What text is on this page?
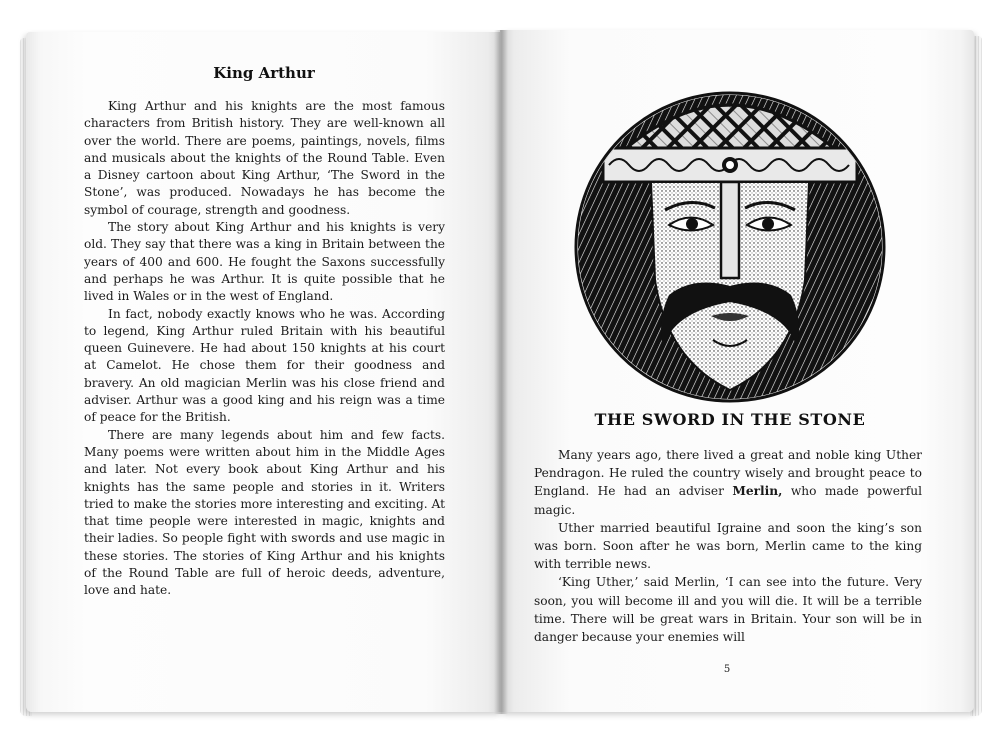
King Arthur

King Arthur and his knights are the most famous characters from British history. They are well-known all over the world. There are poems, paintings, novels, films and musicals about the knights of the Round Table. Even a Disney cartoon about King Arthur, ‘The Sword in the Stone’, was produced. Nowadays he has become the symbol of courage, strength and goodness.

The story about King Arthur and his knights is very old. They say that there was a king in Britain between the years of 400 and 600. He fought the Saxons successfully and perhaps he was Arthur. It is quite possible that he lived in Wales or in the west of England.

In fact, nobody exactly knows who he was. According to legend, King Arthur ruled Britain with his beautiful queen Guinevere. He had about 150 knights at his court at Camelot. He chose them for their goodness and bravery. An old magician Merlin was his close friend and adviser. Arthur was a good king and his reign was a time of peace for the British.

There are many legends about him and few facts. Many poems were written about him in the Middle Ages and later. Not every book about King Arthur and his knights has the same people and stories in it. Writers tried to make the stories more interesting and exciting. At that time people were interested in magic, knights and their ladies. So people fight with swords and use magic in these stories. The stories of King Arthur and his knights of the Round Table are full of heroic deeds, adventure, love and hate.

THE SWORD IN THE STONE

Many years ago, there lived a great and noble king Uther Pendragon. He ruled the country wisely and brought peace to England. He had an adviser Merlin, who made powerful magic.

Uther married beautiful Igraine and soon the king’s son was born. Soon after he was born, Merlin came to the king with terrible news.

‘King Uther,’ said Merlin, ‘I can see into the future. Very soon, you will become ill and you will die. It will be a terrible time. There will be great wars in Britain. Your son will be in danger because your enemies will

5
